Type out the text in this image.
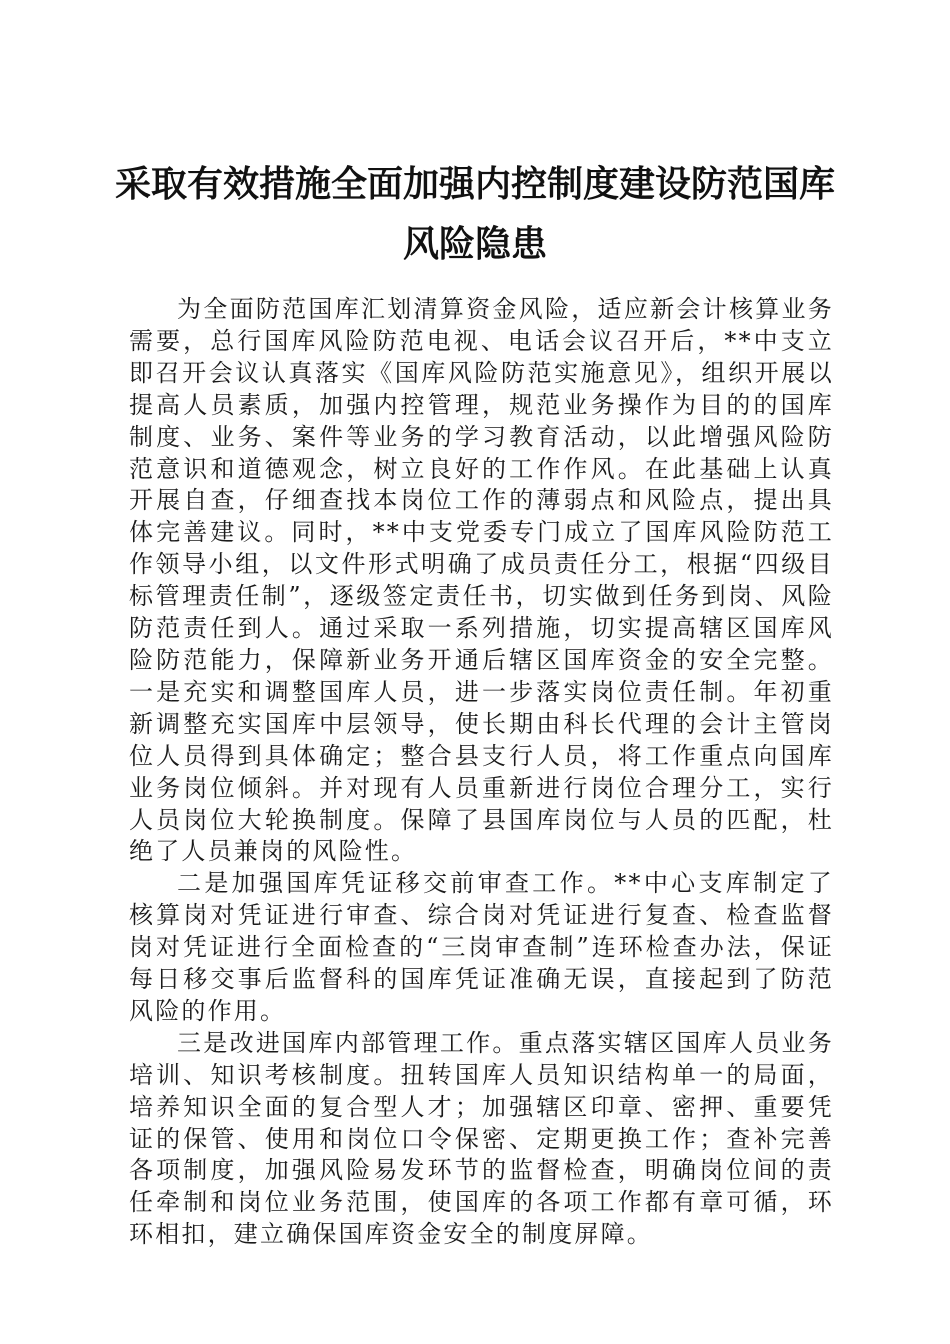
采取有效措施全面加强内控制度建设防范国库
风险隐患

为全面防范国库汇划清算资金风险，适应新会计核算业务需要，总行国库风险防范电视、电话会议召开后，**中支立即召开会议认真落实《国库风险防范实施意见》，组织开展以提高人员素质，加强内控管理，规范业务操作为目的的国库制度、业务、案件等业务的学习教育活动，以此增强风险防范意识和道德观念，树立良好的工作作风。在此基础上认真开展自查，仔细查找本岗位工作的薄弱点和风险点，提出具体完善建议。同时，**中支党委专门成立了国库风险防范工作领导小组，以文件形式明确了成员责任分工，根据“四级目标管理责任制”，逐级签定责任书，切实做到任务到岗、风险防范责任到人。通过采取一系列措施，切实提高辖区国库风险防范能力，保障新业务开通后辖区国库资金的安全完整。一是充实和调整国库人员，进一步落实岗位责任制。年初重新调整充实国库中层领导，使长期由科长代理的会计主管岗位人员得到具体确定；整合县支行人员，将工作重点向国库业务岗位倾斜。并对现有人员重新进行岗位合理分工，实行人员岗位大轮换制度。保障了县国库岗位与人员的匹配，杜绝了人员兼岗的风险性。

二是加强国库凭证移交前审查工作。**中心支库制定了核算岗对凭证进行审查、综合岗对凭证进行复查、检查监督岗对凭证进行全面检查的“三岗审查制”连环检查办法，保证每日移交事后监督科的国库凭证准确无误，直接起到了防范风险的作用。

三是改进国库内部管理工作。重点落实辖区国库人员业务培训、知识考核制度。扭转国库人员知识结构单一的局面，培养知识全面的复合型人才；加强辖区印章、密押、重要凭证的保管、使用和岗位口令保密、定期更换工作；查补完善各项制度，加强风险易发环节的监督检查，明确岗位间的责任牵制和岗位业务范围，使国库的各项工作都有章可循，环环相扣，建立确保国库资金安全的制度屏障。
